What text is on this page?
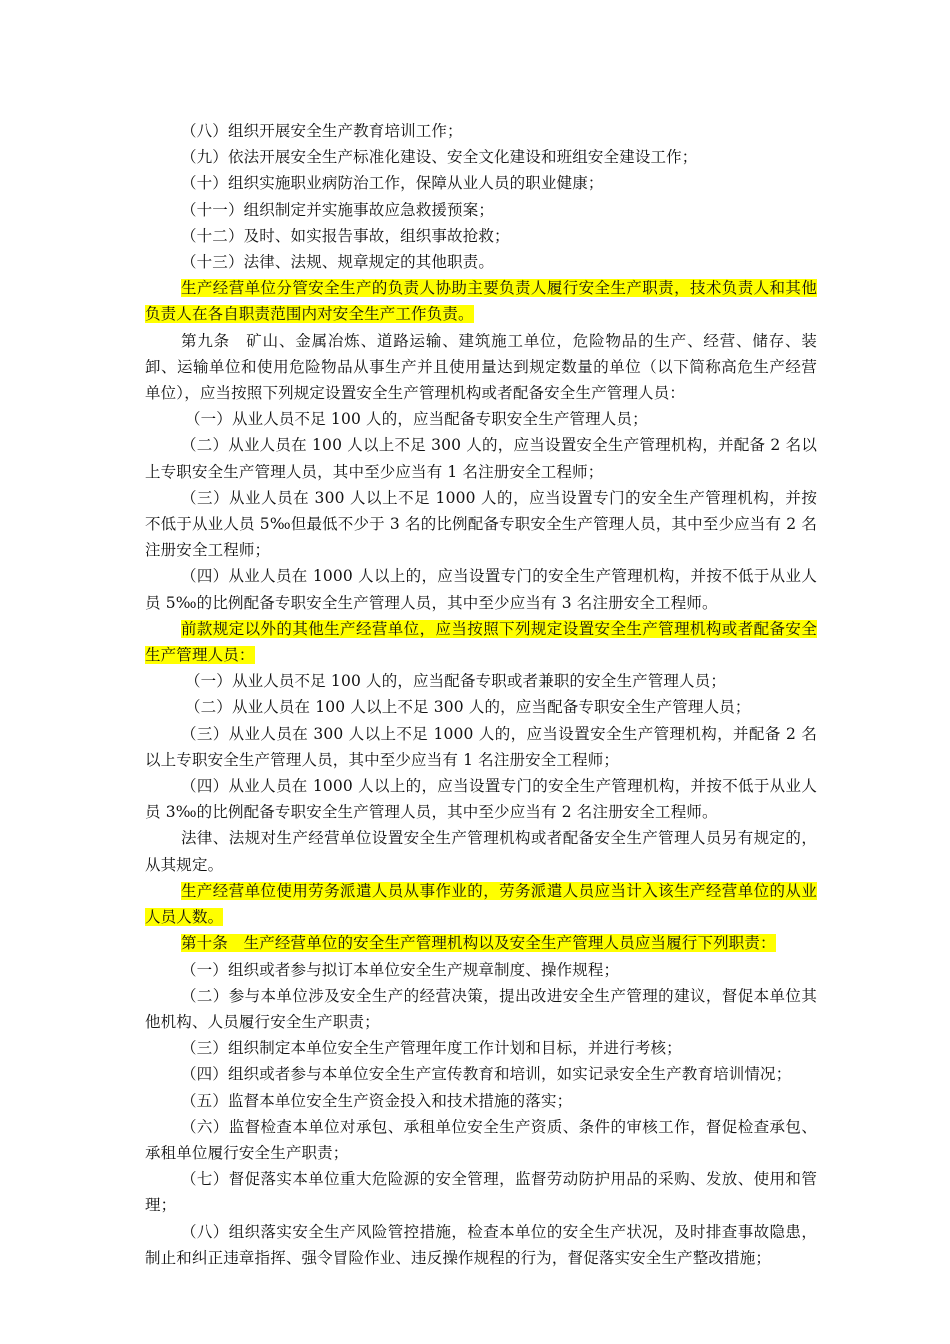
（八）组织开展安全生产教育培训工作；

（九）依法开展安全生产标准化建设、安全文化建设和班组安全建设工作；

（十）组织实施职业病防治工作，保障从业人员的职业健康；

（十一）组织制定并实施事故应急救援预案；

（十二）及时、如实报告事故，组织事故抢救；

（十三）法律、法规、规章规定的其他职责。

生产经营单位分管安全生产的负责人协助主要负责人履行安全生产职责，技术负责人和其他负责人在各自职责范围内对安全生产工作负责。

第九条　矿山、金属冶炼、道路运输、建筑施工单位，危险物品的生产、经营、储存、装卸、运输单位和使用危险物品从事生产并且使用量达到规定数量的单位（以下简称高危生产经营单位），应当按照下列规定设置安全生产管理机构或者配备安全生产管理人员：

（一）从业人员不足 100 人的，应当配备专职安全生产管理人员；

（二）从业人员在 100 人以上不足 300 人的，应当设置安全生产管理机构，并配备 2 名以上专职安全生产管理人员，其中至少应当有 1 名注册安全工程师；

（三）从业人员在 300 人以上不足 1000 人的，应当设置专门的安全生产管理机构，并按不低于从业人员 5‰但最低不少于 3 名的比例配备专职安全生产管理人员，其中至少应当有 2 名注册安全工程师；

（四）从业人员在 1000 人以上的，应当设置专门的安全生产管理机构，并按不低于从业人员 5‰的比例配备专职安全生产管理人员，其中至少应当有 3 名注册安全工程师。

前款规定以外的其他生产经营单位，应当按照下列规定设置安全生产管理机构或者配备安全生产管理人员：

（一）从业人员不足 100 人的，应当配备专职或者兼职的安全生产管理人员；

（二）从业人员在 100 人以上不足 300 人的，应当配备专职安全生产管理人员；

（三）从业人员在 300 人以上不足 1000 人的，应当设置安全生产管理机构，并配备 2 名以上专职安全生产管理人员，其中至少应当有 1 名注册安全工程师；

（四）从业人员在 1000 人以上的，应当设置专门的安全生产管理机构，并按不低于从业人员 3‰的比例配备专职安全生产管理人员，其中至少应当有 2 名注册安全工程师。

法律、法规对生产经营单位设置安全生产管理机构或者配备安全生产管理人员另有规定的，从其规定。

生产经营单位使用劳务派遣人员从事作业的，劳务派遣人员应当计入该生产经营单位的从业人员人数。

第十条　生产经营单位的安全生产管理机构以及安全生产管理人员应当履行下列职责：

（一）组织或者参与拟订本单位安全生产规章制度、操作规程；

（二）参与本单位涉及安全生产的经营决策，提出改进安全生产管理的建议，督促本单位其他机构、人员履行安全生产职责；

（三）组织制定本单位安全生产管理年度工作计划和目标，并进行考核；

（四）组织或者参与本单位安全生产宣传教育和培训，如实记录安全生产教育培训情况；

（五）监督本单位安全生产资金投入和技术措施的落实；

（六）监督检查本单位对承包、承租单位安全生产资质、条件的审核工作，督促检查承包、承租单位履行安全生产职责；

（七）督促落实本单位重大危险源的安全管理，监督劳动防护用品的采购、发放、使用和管理；

（八）组织落实安全生产风险管控措施，检查本单位的安全生产状况，及时排查事故隐患，制止和纠正违章指挥、强令冒险作业、违反操作规程的行为，督促落实安全生产整改措施；
